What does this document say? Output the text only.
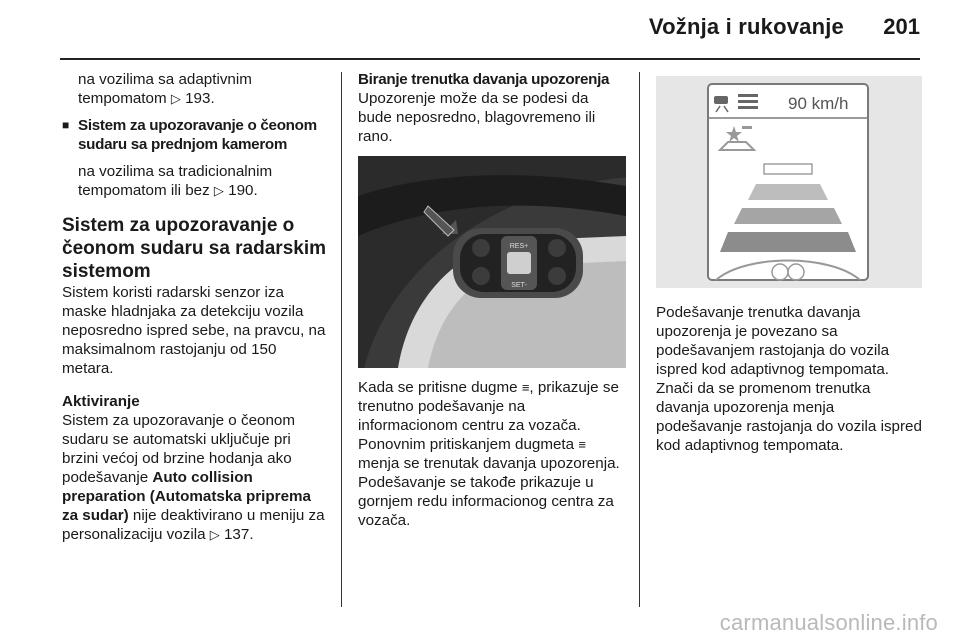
Vožnja i rukovanje 201

na vozilima sa adaptivnim tempomatom ▷ 193.

■ Sistem za upozoravanje o čeonom sudaru sa prednjom kamerom

na vozilima sa tradicionalnim tempomatom ili bez ▷ 190.

Sistem za upozoravanje o čeonom sudaru sa radarskim sistemom

Sistem koristi radarski senzor iza maske hladnjaka za detekciju vozila neposredno ispred sebe, na pravcu, na maksimalnom rastojanju od 150 metara.

Aktiviranje

Sistem za upozoravanje o čeonom sudaru se automatski uključuje pri brzini većoj od brzine hodanja ako podešavanje Auto collision preparation (Automatska priprema za sudar) nije deaktivirano u meniju za personalizaciju vozila ▷ 137.

Biranje trenutka davanja upozorenja

Upozorenje može da se podesi da bude neposredno, blagovremeno ili rano.

RES+
SET-

Kada se pritisne dugme ≡, prikazuje se trenutno podešavanje na informacionom centru za vozača. Ponovnim pritiskanjem dugmeta ≡ menja se trenutak davanja upozorenja. Podešavanje se takođe prikazuje u gornjem redu informacionog centra za vozača.

90 km/h

Podešavanje trenutka davanja upozorenja je povezano sa podešavanjem rastojanja do vozila ispred kod adaptivnog tempomata. Znači da se promenom trenutka davanja upozorenja menja podešavanje rastojanja do vozila ispred kod adaptivnog tempomata.

carmanualsonline.info
